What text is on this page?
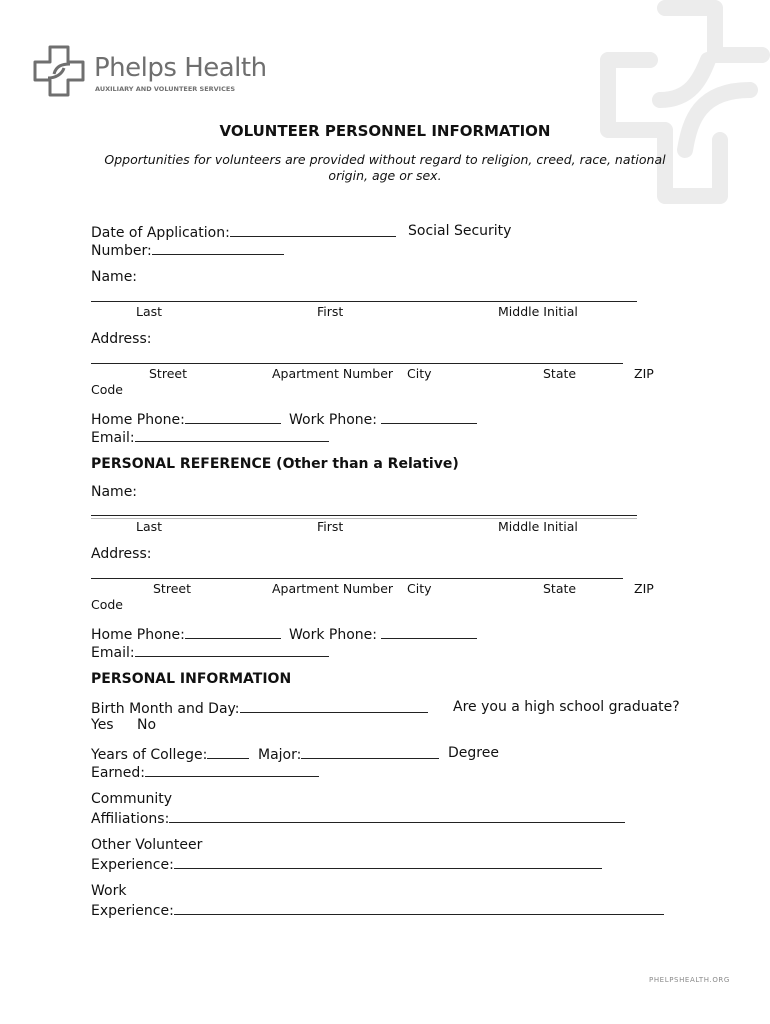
Phelps Health
AUXILIARY AND VOLUNTEER SERVICES
VOLUNTEER PERSONNEL INFORMATION
Opportunities for volunteers are provided without regard to religion, creed, race, national
origin, age or sex.
Date of Application:	Social Security
Number:
Name:
Last	First	Middle Initial
Address:
Street	Apartment Number City	State	ZIP
Code
Home Phone:	Work Phone:
Email:
PERSONAL REFERENCE (Other than a Relative)
Name:
Last	First	Middle Initial
Address:
Street	Apartment Number City	State	ZIP
Code
Home Phone:	Work Phone:
Email:
PERSONAL INFORMATION
Birth Month and Day:	Are you a high school graduate?
Yes No
Years of College:	Major:	Degree
Earned:
Community
Affiliations:
Other Volunteer
Experience:
Work
Experience:
PHELPSHEALTH.ORG
